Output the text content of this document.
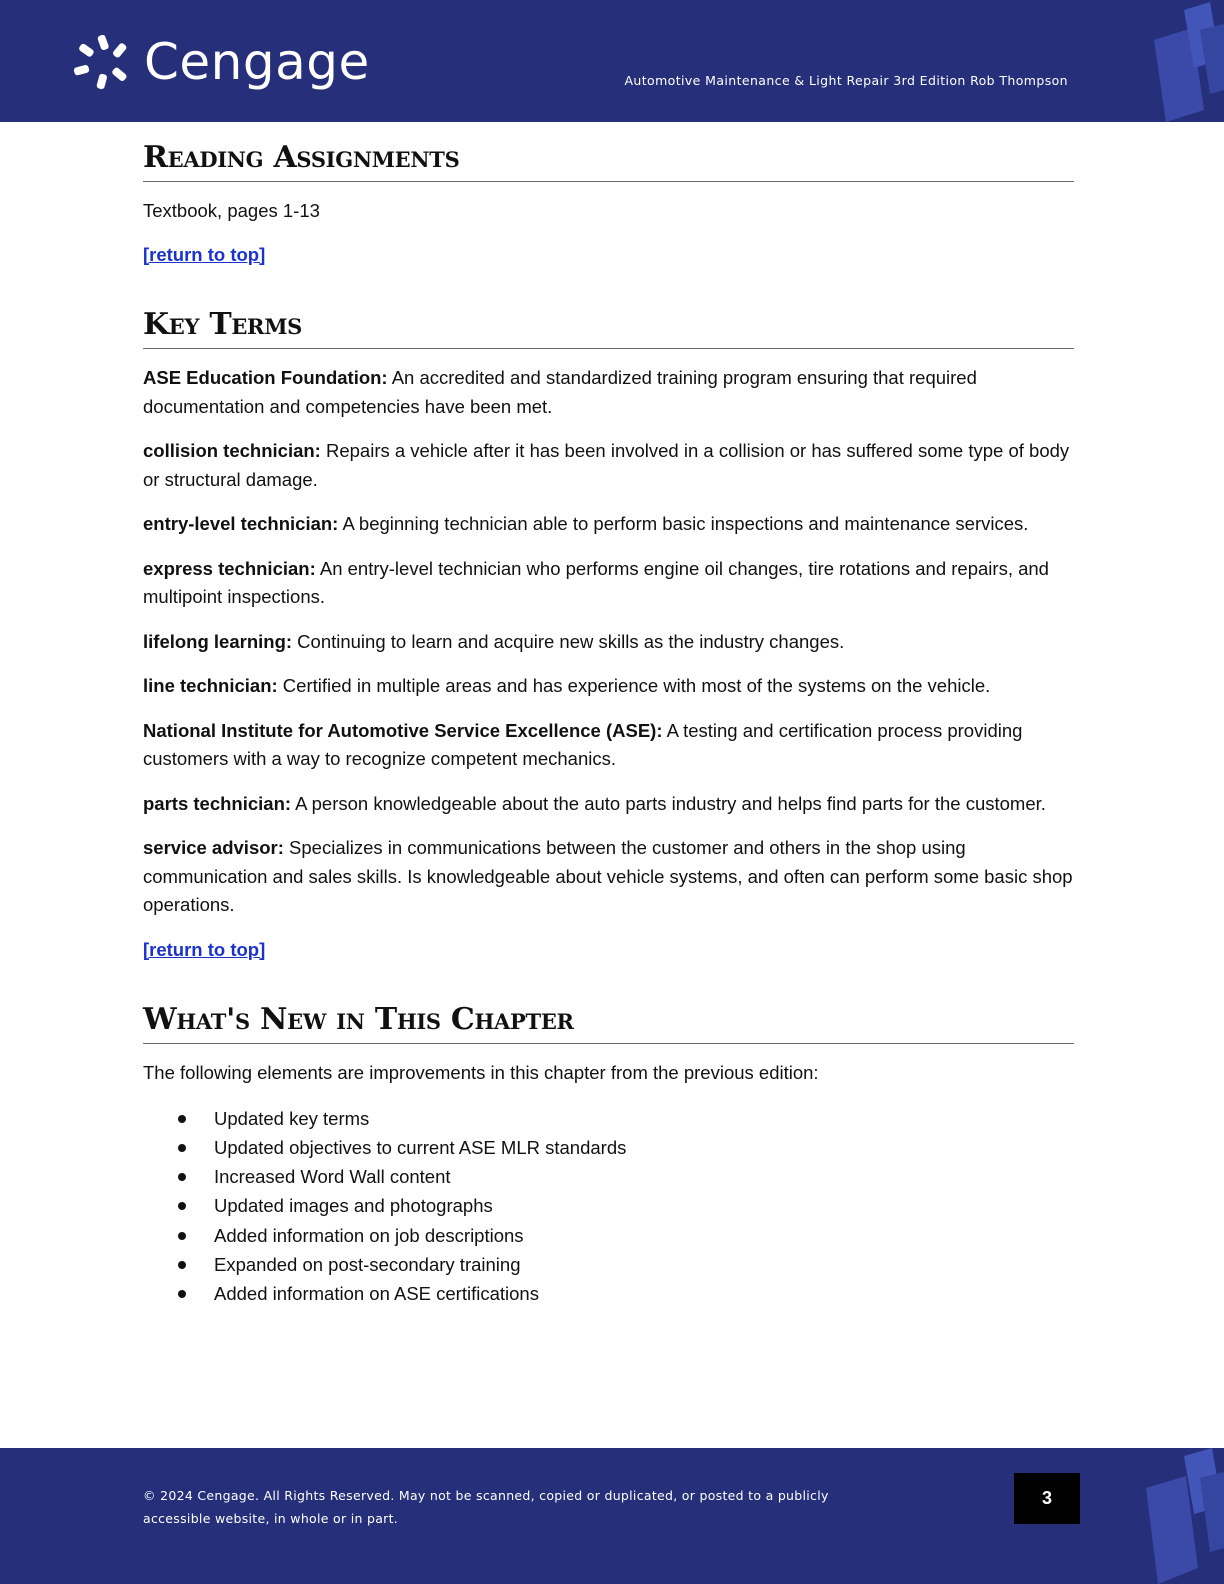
Cengage	Automotive Maintenance & Light Repair 3rd Edition Rob Thompson
Reading Assignments

Textbook, pages 1-13

[return to top]

Key Terms

ASE Education Foundation: An accredited and standardized training program ensuring that required documentation and competencies have been met.

collision technician: Repairs a vehicle after it has been involved in a collision or has suffered some type of body or structural damage.

entry-level technician: A beginning technician able to perform basic inspections and maintenance services.

express technician: An entry-level technician who performs engine oil changes, tire rotations and repairs, and multipoint inspections.

lifelong learning: Continuing to learn and acquire new skills as the industry changes.

line technician: Certified in multiple areas and has experience with most of the systems on the vehicle.

National Institute for Automotive Service Excellence (ASE): A testing and certification process providing customers with a way to recognize competent mechanics.

parts technician: A person knowledgeable about the auto parts industry and helps find parts for the customer.

service advisor: Specializes in communications between the customer and others in the shop using communication and sales skills. Is knowledgeable about vehicle systems, and often can perform some basic shop operations.

[return to top]

What's New in This Chapter

The following elements are improvements in this chapter from the previous edition:

Updated key terms
Updated objectives to current ASE MLR standards
Increased Word Wall content
Updated images and photographs
Added information on job descriptions
Expanded on post-secondary training
Added information on ASE certifications
© 2024 Cengage. All Rights Reserved. May not be scanned, copied or duplicated, or posted to a publicly
accessible website, in whole or in part.
3
